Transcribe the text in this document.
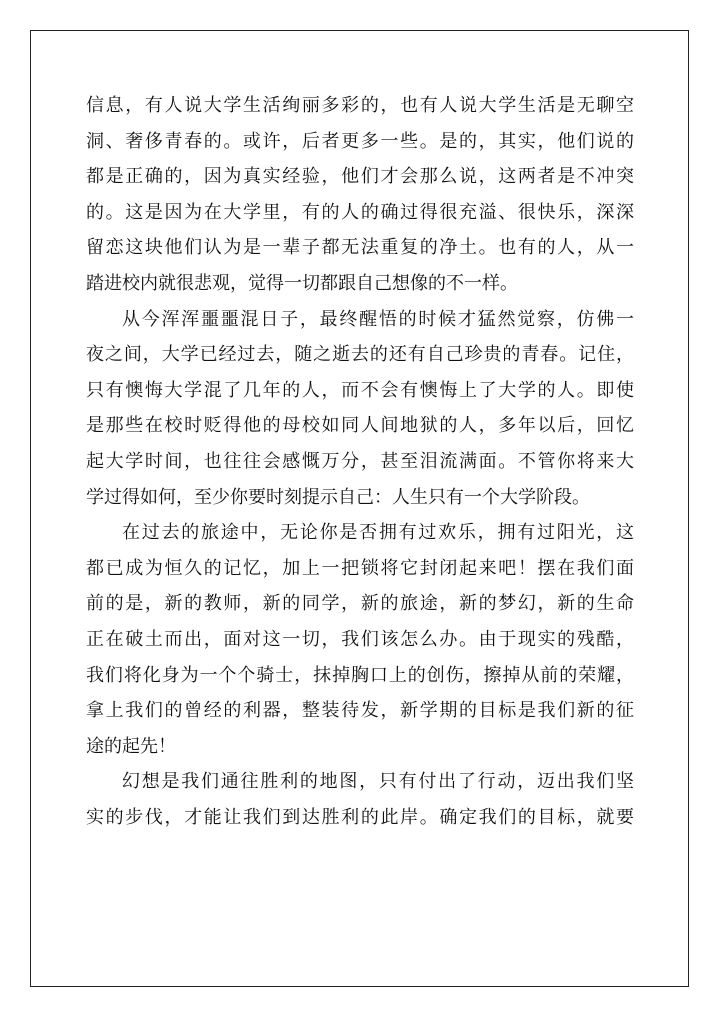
信息，有人说大学生活绚丽多彩的，也有人说大学生活是无聊空
洞、奢侈青春的。或许，后者更多一些。是的，其实，他们说的
都是正确的，因为真实经验，他们才会那么说，这两者是不冲突
的。这是因为在大学里，有的人的确过得很充溢、很快乐，深深
留恋这块他们认为是一辈子都无法重复的净土。也有的人，从一
踏进校内就很悲观，觉得一切都跟自己想像的不一样。
从今浑浑噩噩混日子，最终醒悟的时候才猛然觉察，仿佛一
夜之间，大学已经过去，随之逝去的还有自己珍贵的青春。记住，
只有懊悔大学混了几年的人，而不会有懊悔上了大学的人。即使
是那些在校时贬得他的母校如同人间地狱的人，多年以后，回忆
起大学时间，也往往会感慨万分，甚至泪流满面。不管你将来大
学过得如何，至少你要时刻提示自己：人生只有一个大学阶段。
在过去的旅途中，无论你是否拥有过欢乐，拥有过阳光，这
都已成为恒久的记忆，加上一把锁将它封闭起来吧！摆在我们面
前的是，新的教师，新的同学，新的旅途，新的梦幻，新的生命
正在破土而出，面对这一切，我们该怎么办。由于现实的残酷，
我们将化身为一个个骑士，抹掉胸口上的创伤，擦掉从前的荣耀，
拿上我们的曾经的利器，整装待发，新学期的目标是我们新的征
途的起先！
幻想是我们通往胜利的地图，只有付出了行动，迈出我们坚
实的步伐，才能让我们到达胜利的此岸。确定我们的目标，就要
